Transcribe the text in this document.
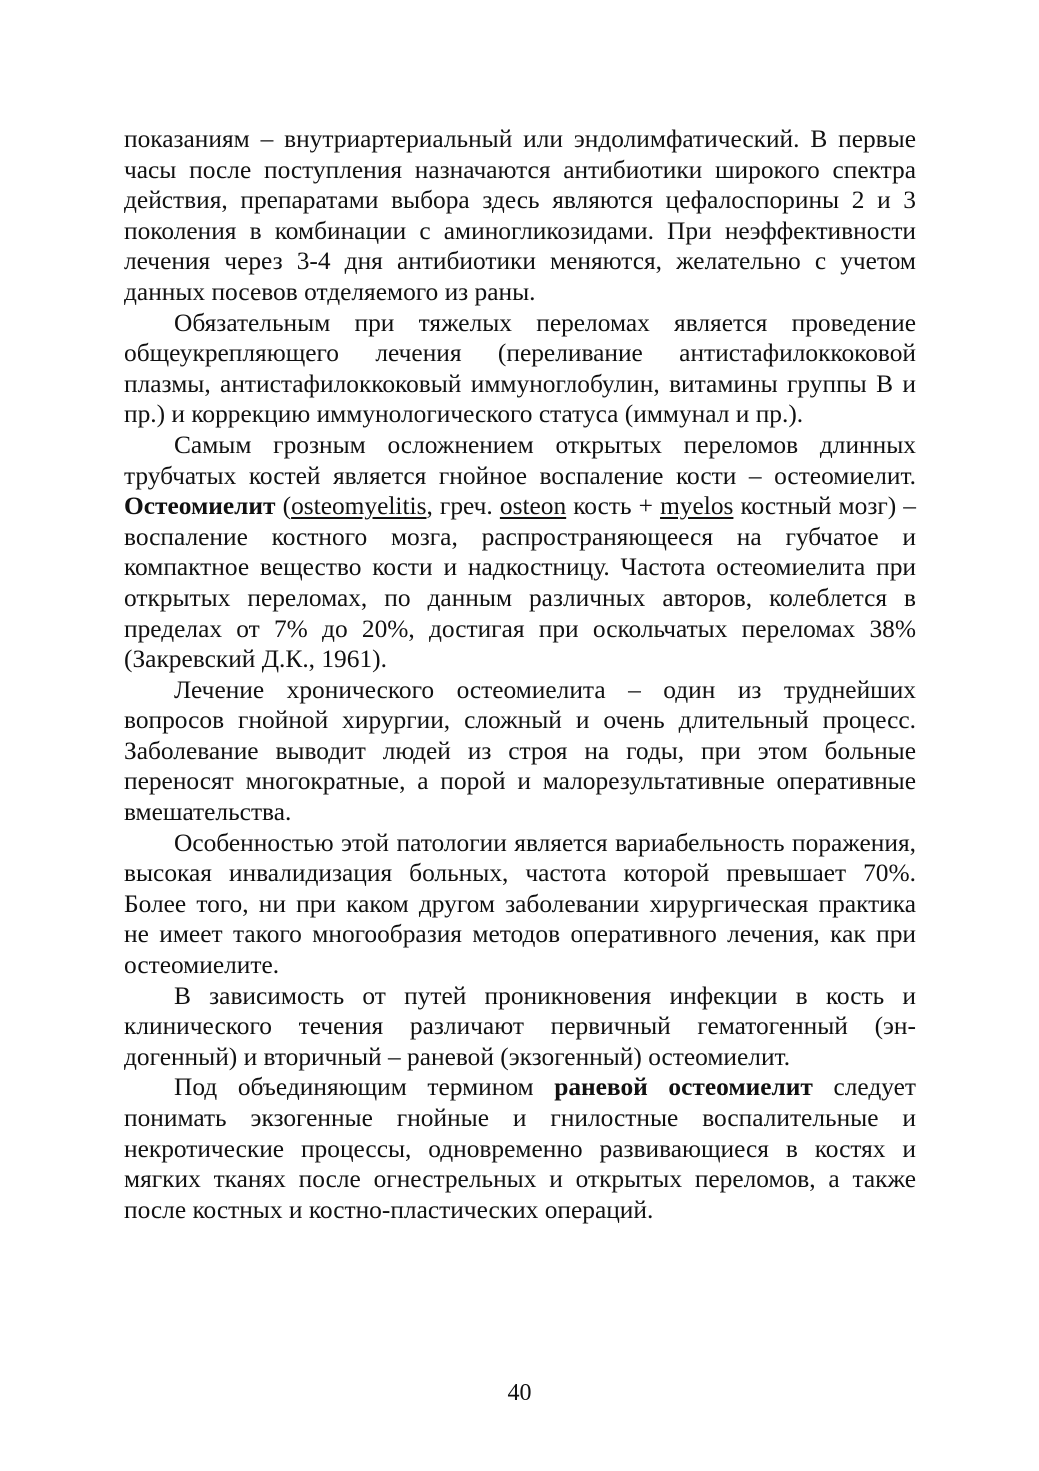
показаниям – внутриартериальный или эндолимфатический. В первые часы после поступления назначаются антибиотики широкого спектра действия, препаратами выбора здесь являются цефалоспорины 2 и 3 поколения в комбинации с аминогликозидами. При неэффективности лечения через 3-4 дня антибиотики меняются, желательно с учетом данных посевов отделяемого из раны.

Обязательным при тяжелых переломах является проведение общеукрепляющего лечения (переливание антистафилоккоковой плазмы, антистафилоккоковый иммуноглобулин, витамины группы В и пр.) и коррекцию иммунологического статуса (иммунал и пр.).

Самым грозным осложнением открытых переломов длинных трубчатых костей является гнойное воспаление кости – остеомиелит. Остеомиелит (osteomyelitis, греч. osteon кость + myelos костный мозг) – воспаление костного мозга, распространяющееся на губчатое и компактное вещество кости и надкостницу. Частота остеомиелита при открытых переломах, по данным различных авторов, колеблется в пределах от 7% до 20%, достигая при оскольчатых переломах 38% (Закревский Д.К., 1961).

Лечение хронического остеомиелита – один из труднейших вопросов гнойной хирургии, сложный и очень длительный процесс. Заболевание выводит людей из строя на годы, при этом больные переносят многократные, а порой и малорезультативные оперативные вмешательства.

Особенностью этой патологии является вариабельность поражения, высокая инвалидизация больных, частота которой превышает 70%. Более того, ни при каком другом заболевании хирургическая практика не имеет такого многообразия методов оперативного лечения, как при остеомиелите.

В зависимость от путей проникновения инфекции в кость и клинического течения различают первичный гематогенный (эндогенный) и вторичный – раневой (экзогенный) остеомиелит.

Под объединяющим термином раневой остеомиелит следует понимать экзогенные гнойные и гнилостные воспалительные и некротические процессы, одновременно развивающиеся в костях и мягких тканях после огнестрельных и открытых переломов, а также после костных и костно-пластических операций.

40
